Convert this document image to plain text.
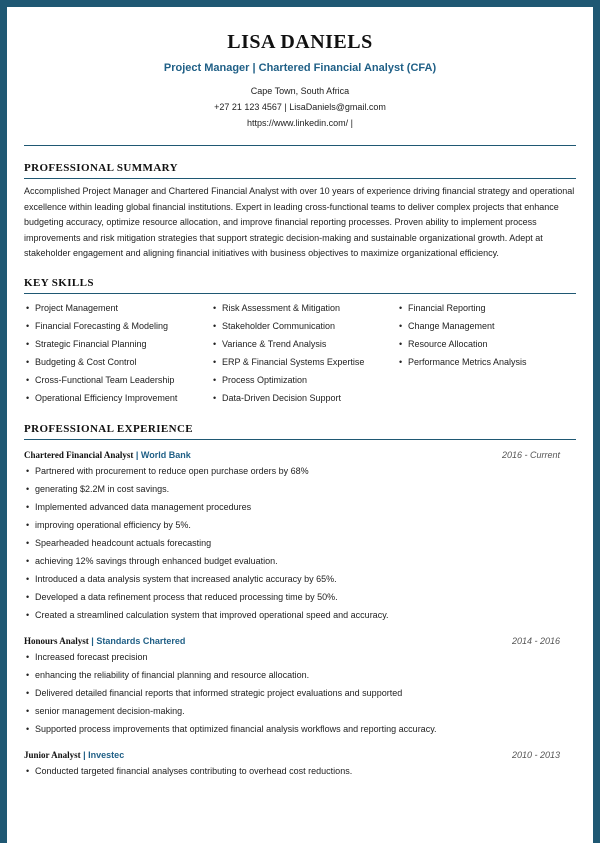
LISA DANIELS
Project Manager | Chartered Financial Analyst (CFA)
Cape Town, South Africa
+27 21 123 4567 | LisaDaniels@gmail.com
https://www.linkedin.com/ |
PROFESSIONAL SUMMARY
Accomplished Project Manager and Chartered Financial Analyst with over 10 years of experience driving financial strategy and operational excellence within leading global financial institutions. Expert in leading cross-functional teams to deliver complex projects that enhance budgeting accuracy, optimize resource allocation, and improve financial reporting processes. Proven ability to implement process improvements and risk mitigation strategies that support strategic decision-making and sustainable organizational growth. Adept at stakeholder engagement and aligning financial initiatives with business objectives to maximize organizational efficiency.
KEY SKILLS
• Project Management
• Financial Forecasting & Modeling
• Strategic Financial Planning
• Budgeting & Cost Control
• Cross-Functional Team Leadership
• Operational Efficiency Improvement
• Risk Assessment & Mitigation
• Stakeholder Communication
• Variance & Trend Analysis
• ERP & Financial Systems Expertise
• Process Optimization
• Data-Driven Decision Support
• Financial Reporting
• Change Management
• Resource Allocation
• Performance Metrics Analysis
PROFESSIONAL EXPERIENCE
Chartered Financial Analyst | World Bank	2016 - Current
• Partnered with procurement to reduce open purchase orders by 68%
• generating $2.2M in cost savings.
• Implemented advanced data management procedures
• improving operational efficiency by 5%.
• Spearheaded headcount actuals forecasting
• achieving 12% savings through enhanced budget evaluation.
• Introduced a data analysis system that increased analytic accuracy by 65%.
• Developed a data refinement process that reduced processing time by 50%.
• Created a streamlined calculation system that improved operational speed and accuracy.
Honours Analyst | Standards Chartered	2014 - 2016
• Increased forecast precision
• enhancing the reliability of financial planning and resource allocation.
• Delivered detailed financial reports that informed strategic project evaluations and supported
• senior management decision-making.
• Supported process improvements that optimized financial analysis workflows and reporting accuracy.
Junior Analyst | Investec	2010 - 2013
• Conducted targeted financial analyses contributing to overhead cost reductions.
